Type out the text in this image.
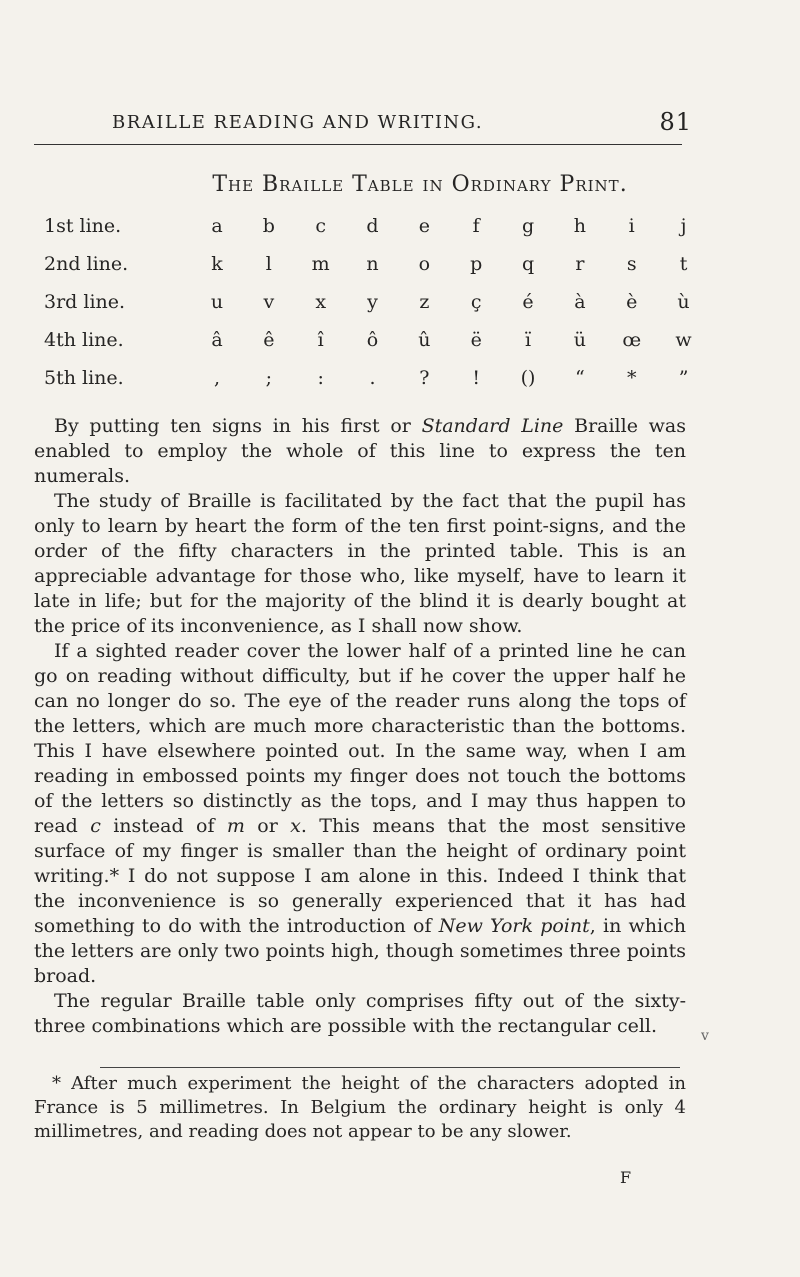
BRAILLE READING AND WRITING.	81
The Braille Table in Ordinary Print.
1st line.	a	b	c	d	e	f	g	h	i	j
2nd line.	k	l	m	n	o	p	q	r	s	t
3rd line.	u	v	x	y	z	ç	é	à	è	ù
4th line.	â	ê	î	ô	û	ë	ï	ü	œ	w
5th line.	,	;	:	.	?	!	()	“	*	”

By putting ten signs in his first or Standard Line Braille was enabled to employ the whole of this line to express the ten numerals.

The study of Braille is facilitated by the fact that the pupil has only to learn by heart the form of the ten first point-signs, and the order of the fifty characters in the printed table. This is an appreciable advantage for those who, like myself, have to learn it late in life; but for the majority of the blind it is dearly bought at the price of its inconvenience, as I shall now show.

If a sighted reader cover the lower half of a printed line he can go on reading without difficulty, but if he cover the upper half he can no longer do so. The eye of the reader runs along the tops of the letters, which are much more characteristic than the bottoms. This I have elsewhere pointed out. In the same way, when I am reading in embossed points my finger does not touch the bottoms of the letters so distinctly as the tops, and I may thus happen to read c instead of m or x. This means that the most sensitive surface of my finger is smaller than the height of ordinary point writing.* I do not suppose I am alone in this. Indeed I think that the inconvenience is so generally experienced that it has had something to do with the introduction of New York point, in which the letters are only two points high, though sometimes three points broad.

The regular Braille table only comprises fifty out of the sixty-three combinations which are possible with the rectangular cell.	v
* After much experiment the height of the characters adopted in France is 5 millimetres. In Belgium the ordinary height is only 4 millimetres, and reading does not appear to be any slower.
F
